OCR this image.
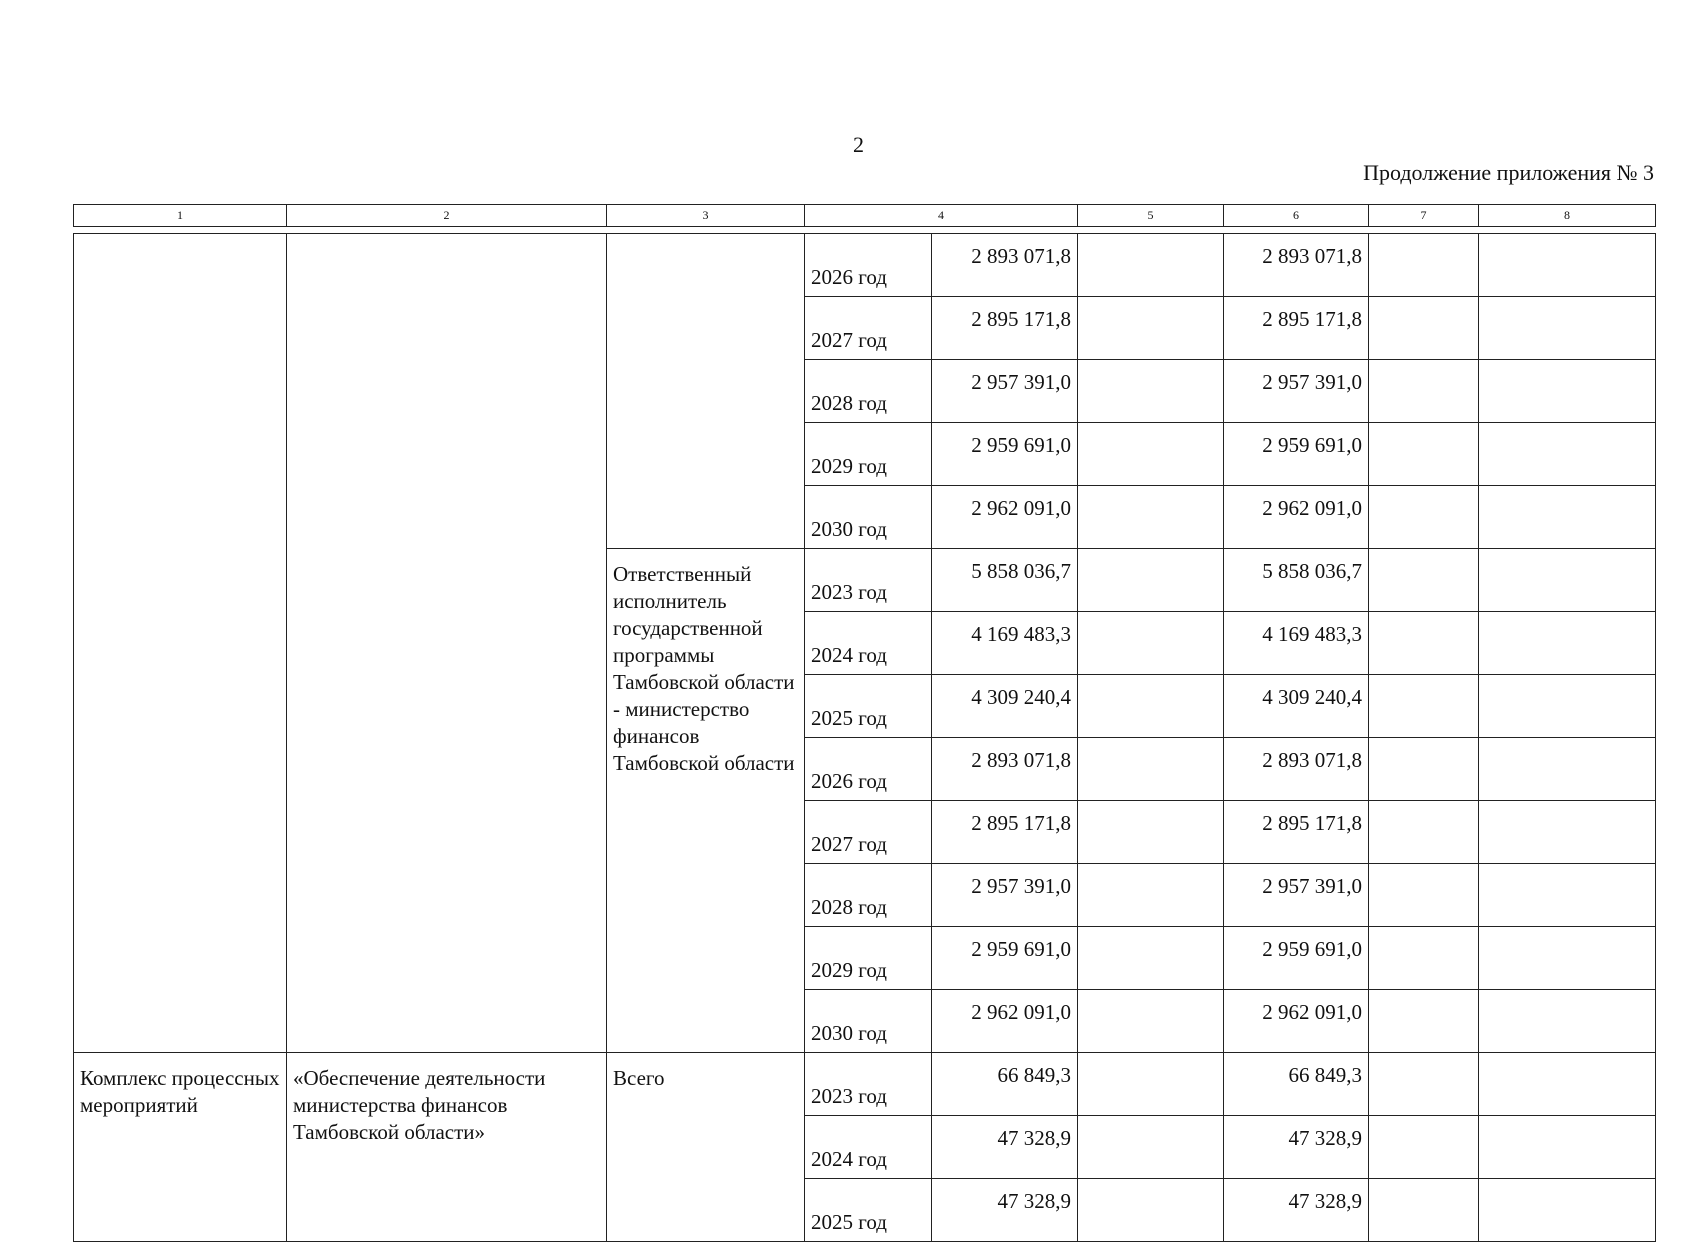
2
Продолжение приложения № 3
1	2	3	4	5	6	7	8
			2026 год	2 893 071,8		2 893 071,8		
			2027 год	2 895 171,8		2 895 171,8		
			2028 год	2 957 391,0		2 957 391,0		
			2029 год	2 959 691,0		2 959 691,0		
			2030 год	2 962 091,0		2 962 091,0		
		Ответственный исполнитель государственной программы Тамбовской области - министерство финансов Тамбовской области	2023 год	5 858 036,7		5 858 036,7		
			2024 год	4 169 483,3		4 169 483,3		
			2025 год	4 309 240,4		4 309 240,4		
			2026 год	2 893 071,8		2 893 071,8		
			2027 год	2 895 171,8		2 895 171,8		
			2028 год	2 957 391,0		2 957 391,0		
			2029 год	2 959 691,0		2 959 691,0		
			2030 год	2 962 091,0		2 962 091,0		
Комплекс процессных мероприятий	«Обеспечение деятельности министерства финансов Тамбовской области»	Всего	2023 год	66 849,3		66 849,3		
			2024 год	47 328,9		47 328,9		
			2025 год	47 328,9		47 328,9		
